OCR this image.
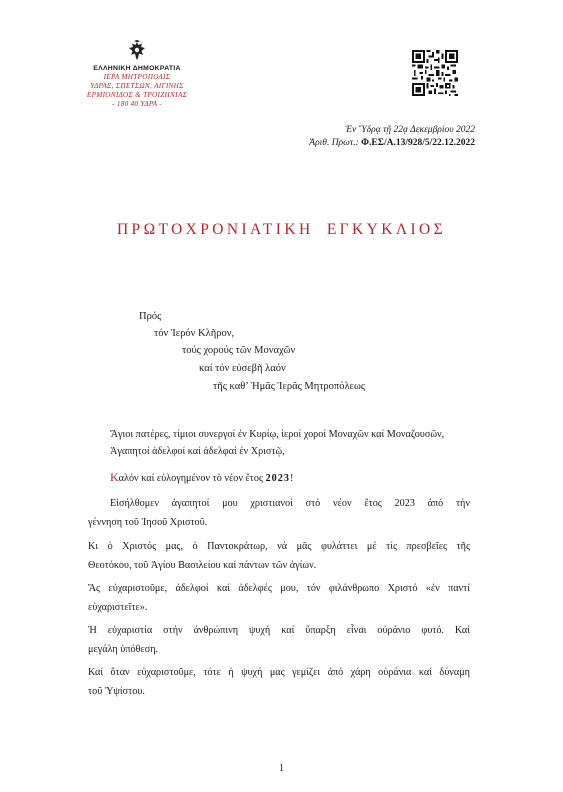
ΕΛΛΗΝΙΚΗ ΔΗΜΟΚΡΑΤΙΑ
ΙΕΡΑ ΜΗΤΡΟΠΟΛΙΣ
ΥΔΡΑΣ, ΣΠΕΤΣΩΝ, ΑΙΓΙΝΗΣ
ΕΡΜΙΟΝΙΔΟΣ & ΤΡΟΙΖΗΝΙΑΣ
- 180 40 ΥΔΡΑ -
Ἐν Ὕδρᾳ τῇ 22ᾳ Δεκεμβρίου 2022
Ἀριθ. Πρωτ.: Φ.ΕΣ/Α.13/928/5/22.12.2022
ΠΡΩΤΟΧΡΟΝΙΑΤΙΚΗ ΕΓΚΥΚΛΙΟΣ
Πρός
τόν Ἱερόν Κλῆρον,
τούς χορούς τῶν Μοναχῶν
καί τόν εὐσεβῆ λαόν
τῆς καθ’ Ἡμᾶς Ἱερᾶς Μητροπόλεως
Ἅγιοι πατέρες, τίμιοι συνεργοί ἐν Κυρίῳ, ἱεροί χοροί Μοναχῶν καί Μοναζουσῶν,
Ἀγαπητοί ἀδελφοί καί ἀδελφαί ἐν Χριστῷ,
Καλόν καί εὐλογημένον τὸ νέον ἔτος 2023!
Εἰσήλθομεν ἀγαπητοί μου χριστιανοί στό νέον ἔτος 2023 ἀπό τήν
γέννηση τοῦ Ἰησοῦ Χριστοῦ.
Κι ὁ Χριστός μας, ὁ Παντοκράτωρ, νά μᾶς φυλάττει μέ τίς πρεσβεῖες τῆς
Θεοτόκου, τοῦ Ἁγίου Βασιλείου καί πάντων τῶν ἁγίων.
Ἄς εὐχαριστοῦμε, ἀδελφοί καί ἀδελφές μου, τόν φιλάνθρωπο Χριστό «ἐν παντί
εὐχαριστεῖτε».
Ἡ εὐχαριστία στήν ἀνθρώπινη ψυχή καί ὕπαρξη εἶναι οὐράνιο φυτό. Καί
μεγάλη ὑπόθεση.
Καί ὅταν εὐχαριστοῦμε, τότε ἡ ψυχή μας γεμίζει ἀπό χάρη οὐράνια καί δύναμη
τοῦ Ὑψίστου.
1
